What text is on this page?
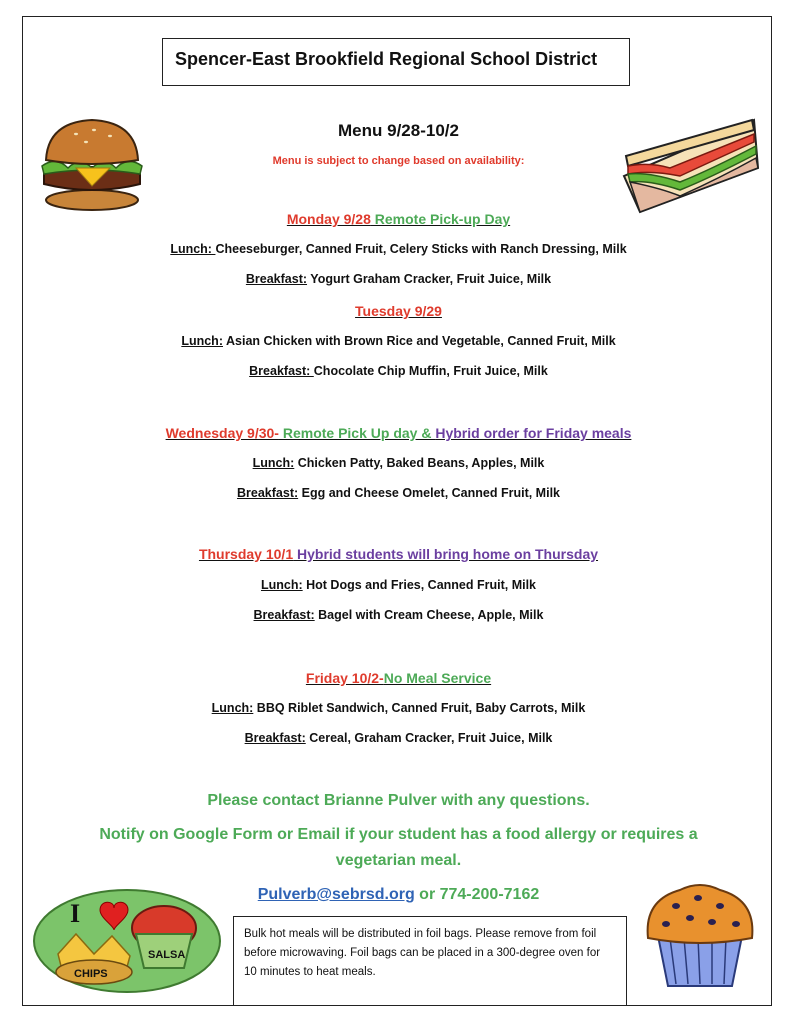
Spencer-East Brookfield Regional School District
Menu 9/28-10/2
Menu is subject to change based on availability:
Monday 9/28 Remote Pick-up Day
Lunch: Cheeseburger, Canned Fruit, Celery Sticks with Ranch Dressing, Milk
Breakfast: Yogurt Graham Cracker, Fruit Juice, Milk
Tuesday 9/29
Lunch: Asian Chicken with Brown Rice and Vegetable, Canned Fruit, Milk
Breakfast: Chocolate Chip Muffin, Fruit Juice, Milk
Wednesday 9/30- Remote Pick Up day & Hybrid order for Friday meals
Lunch: Chicken Patty, Baked Beans, Apples, Milk
Breakfast: Egg and Cheese Omelet, Canned Fruit, Milk
Thursday 10/1 Hybrid students will bring home on Thursday
Lunch: Hot Dogs and Fries, Canned Fruit, Milk
Breakfast: Bagel with Cream Cheese, Apple, Milk
Friday 10/2-No Meal Service
Lunch: BBQ Riblet Sandwich, Canned Fruit, Baby Carrots, Milk
Breakfast: Cereal, Graham Cracker, Fruit Juice, Milk
Please contact Brianne Pulver with any questions.
Notify on Google Form or Email if your student has a food allergy or requires a
vegetarian meal.
Pulverb@sebrsd.org or 774-200-7162
Bulk hot meals will be distributed in foil bags. Please remove from foil before microwaving. Foil bags can be placed in a 300-degree oven for 10 minutes to heat meals.
I
CHIPS
SALSA
